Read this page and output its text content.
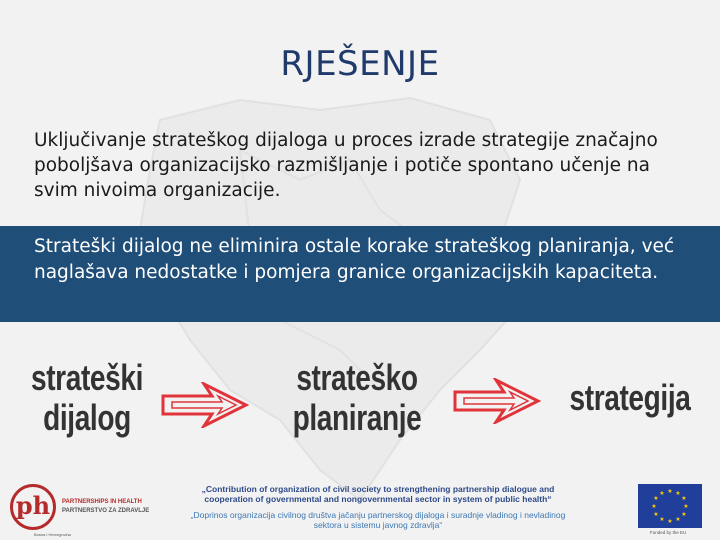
RJEŠENJE
Uključivanje strateškog dijaloga u proces izrade strategije značajno poboljšava organizacijsko razmišljanje i potiče spontano učenje na svim nivoima organizacije.
Strateški dijalog ne eliminira ostale korake strateškog planiranja, već naglašava nedostatke i pomjera granice organizacijskih kapaciteta.
strateški
dijalog
strateško
planiranje	strategija
ph	PARTNERSHIPS IN HEALTH
PARTNERSTVO ZA ZDRAVLJE
Bosna i Hercegovina
„Contribution of organization of civil society to strengthening partnership dialogue and cooperation of governmental and nongovernmental sector in system of public health“
„Doprinos organizacija civilnog društva jačanju partnerskog dijaloga i suradnje vladinog i nevladinog sektora u sistemu javnog zdravlja“
★ ★
★
★
★
★
★
★
★
★
★
★
Funded by the EU
